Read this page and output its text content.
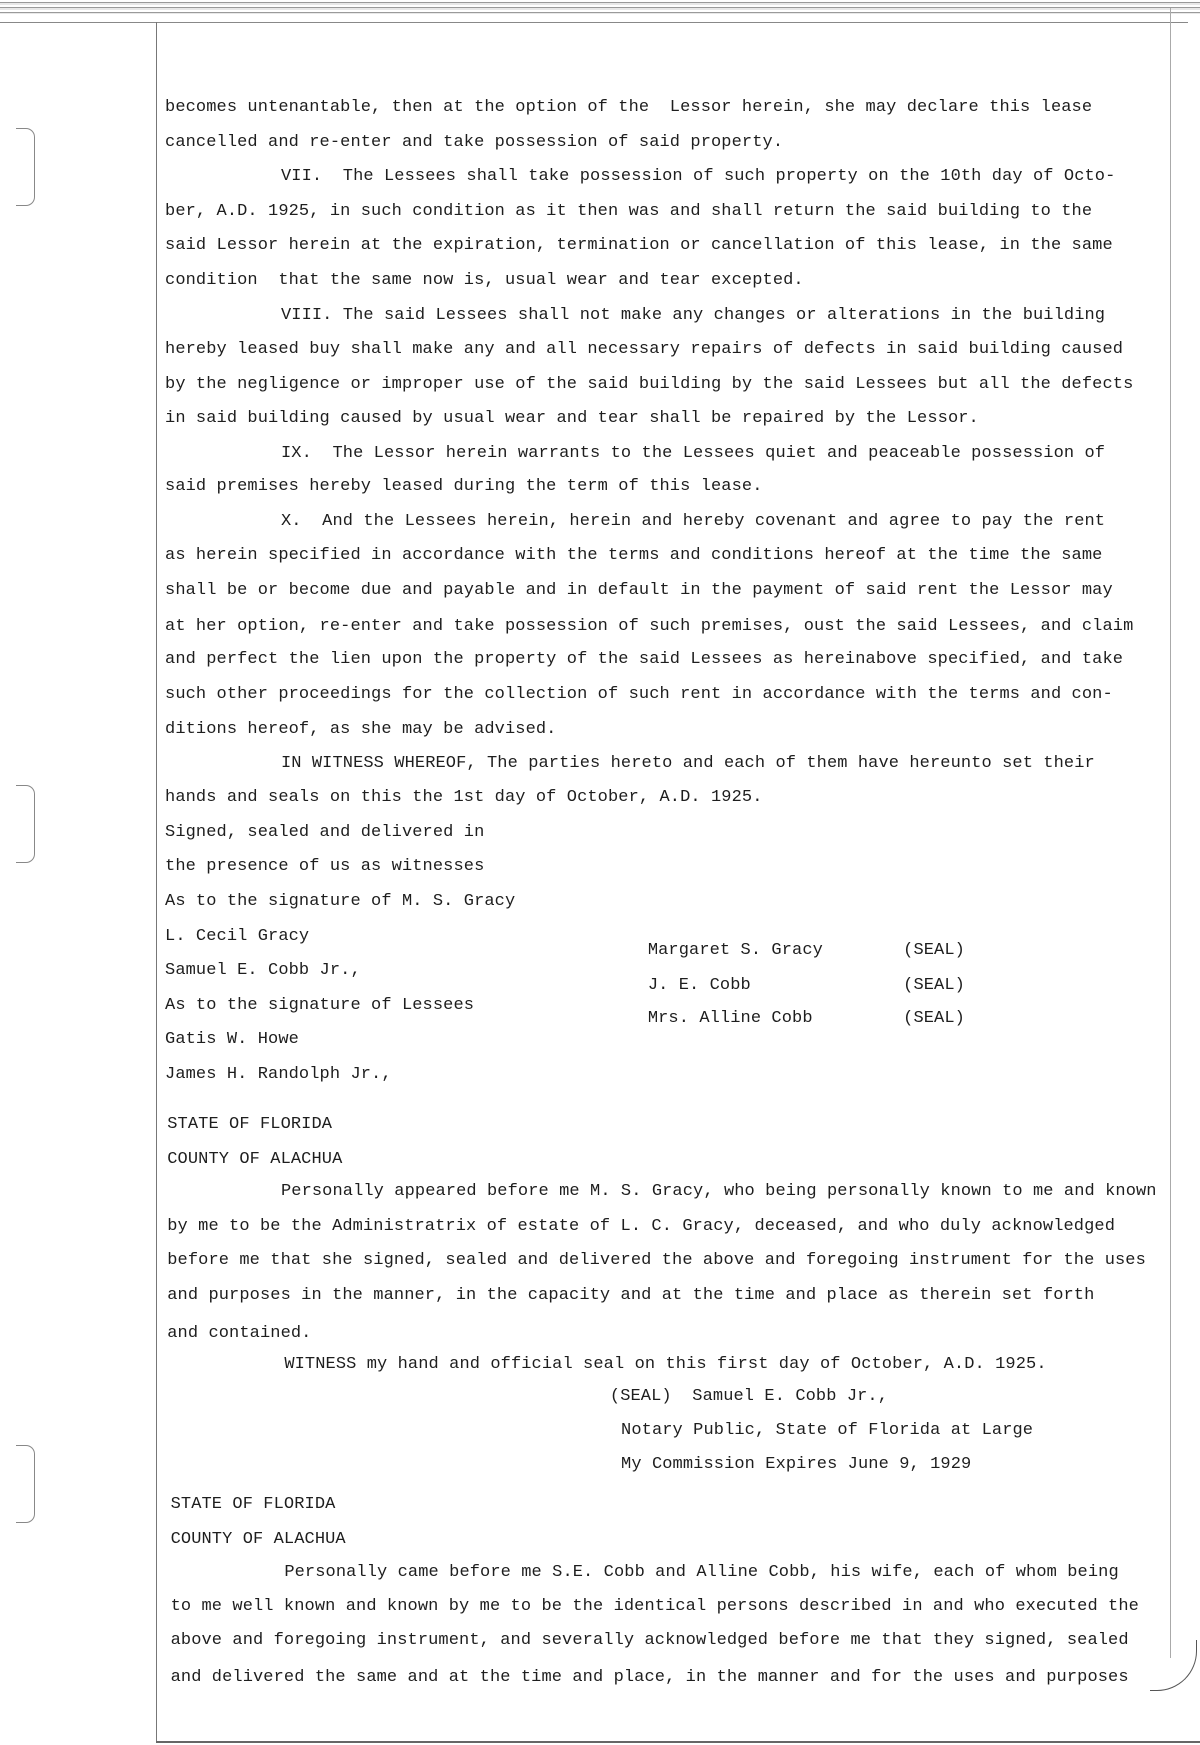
becomes untenantable, then at the option of the  Lessor herein, she may declare this lease
cancelled and re-enter and take possession of said property.
VII.  The Lessees shall take possession of such property on the 10th day of Octo-
ber, A.D. 1925, in such condition as it then was and shall return the said building to the
said Lessor herein at the expiration, termination or cancellation of this lease, in the same
condition  that the same now is, usual wear and tear excepted.
VIII. The said Lessees shall not make any changes or alterations in the building
hereby leased buy shall make any and all necessary repairs of defects in said building caused
by the negligence or improper use of the said building by the said Lessees but all the defects
in said building caused by usual wear and tear shall be repaired by the Lessor.
IX.  The Lessor herein warrants to the Lessees quiet and peaceable possession of
said premises hereby leased during the term of this lease.
X.  And the Lessees herein, herein and hereby covenant and agree to pay the rent
as herein specified in accordance with the terms and conditions hereof at the time the same
shall be or become due and payable and in default in the payment of said rent the Lessor may
at her option, re-enter and take possession of such premises, oust the said Lessees, and claim
and perfect the lien upon the property of the said Lessees as hereinabove specified, and take
such other proceedings for the collection of such rent in accordance with the terms and con-
ditions hereof, as she may be advised.
IN WITNESS WHEREOF, The parties hereto and each of them have hereunto set their
hands and seals on this the 1st day of October, A.D. 1925.
Signed, sealed and delivered in
the presence of us as witnesses
As to the signature of M. S. Gracy
L. Cecil Gracy
Samuel E. Cobb Jr.,
As to the signature of Lessees
Gatis W. Howe
James H. Randolph Jr.,
STATE OF FLORIDA
COUNTY OF ALACHUA
Personally appeared before me M. S. Gracy, who being personally known to me and known
by me to be the Administratrix of estate of L. C. Gracy, deceased, and who duly acknowledged
before me that she signed, sealed and delivered the above and foregoing instrument for the uses
and purposes in the manner, in the capacity and at the time and place as therein set forth
and contained.
WITNESS my hand and official seal on this first day of October, A.D. 1925.
(SEAL)  Samuel E. Cobb Jr.,
Notary Public, State of Florida at Large
My Commission Expires June 9, 1929
STATE OF FLORIDA
COUNTY OF ALACHUA
Personally came before me S.E. Cobb and Alline Cobb, his wife, each of whom being
to me well known and known by me to be the identical persons described in and who executed the
above and foregoing instrument, and severally acknowledged before me that they signed, sealed
and delivered the same and at the time and place, in the manner and for the uses and purposes
Margaret S. Gracy	(SEAL)
J. E. Cobb	(SEAL)
Mrs. Alline Cobb	(SEAL)
